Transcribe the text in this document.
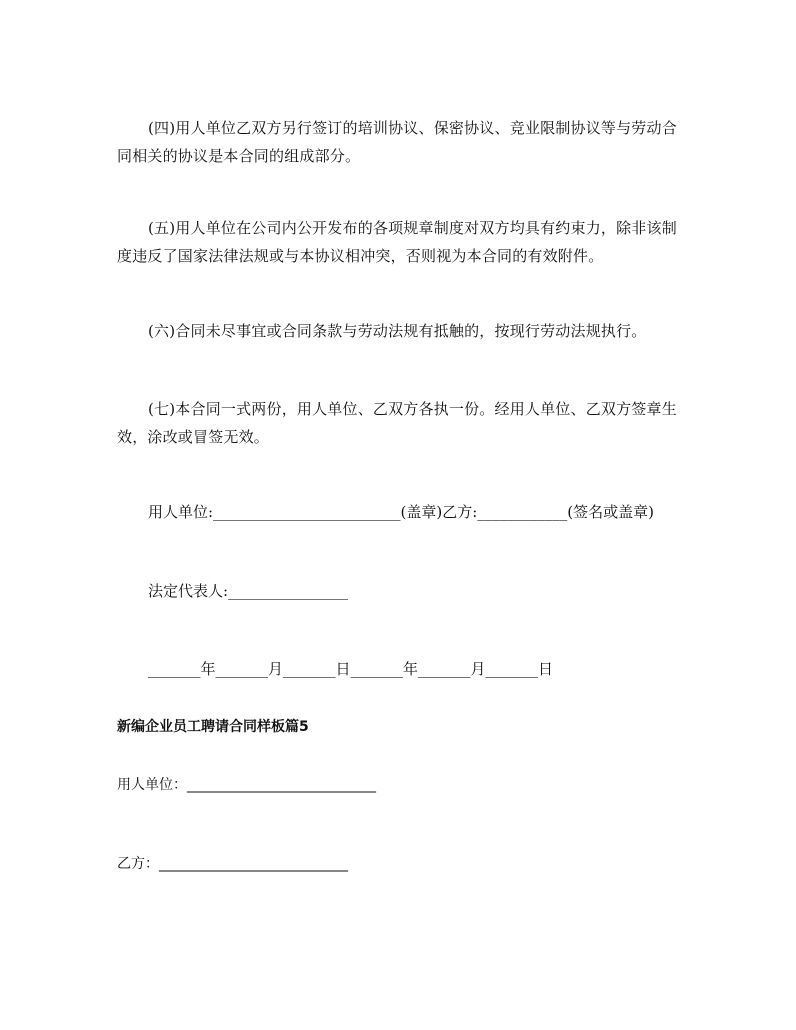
(四)用人单位乙双方另行签订的培训协议、保密协议、竞业限制协议等与劳动合同相关的协议是本合同的组成部分。

(五)用人单位在公司内公开发布的各项规章制度对双方均具有约束力，除非该制度违反了国家法律法规或与本协议相冲突，否则视为本合同的有效附件。

(六)合同未尽事宜或合同条款与劳动法规有抵触的，按现行劳动法规执行。

(七)本合同一式两份，用人单位、乙双方各执一份。经用人单位、乙双方签章生效，涂改或冒签无效。

用人单位:_________________________(盖章)乙方:____________(签名或盖章)

法定代表人:________________

_______年_______月_______日_______年_______月_______日

新编企业员工聘请合同样板篇5

用人单位：___________________________

乙方：___________________________
